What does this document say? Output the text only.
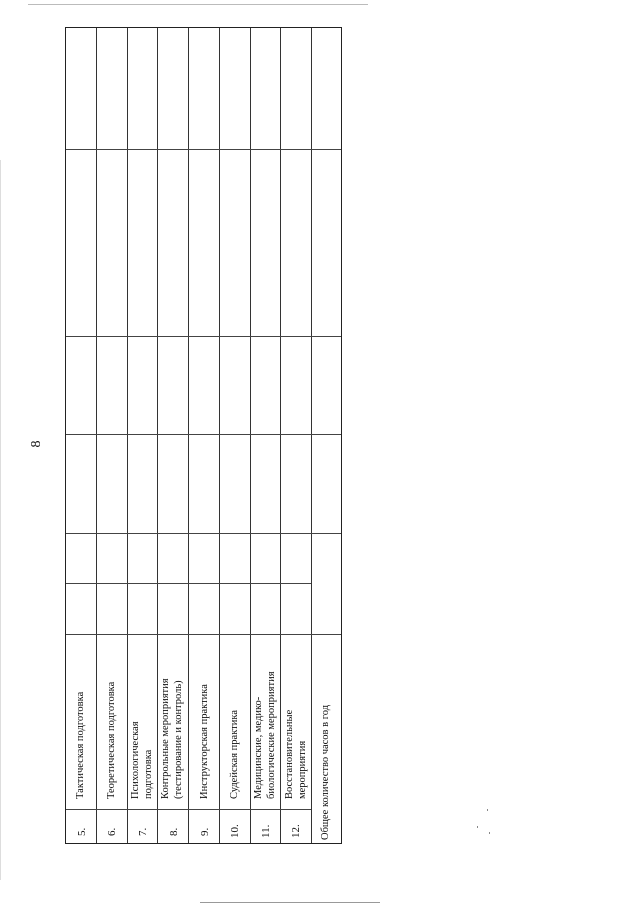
8
5.
Тактическая подготовка
6.
Теоретическая подготовка
7.
Психологическая подготовка
8.
Контрольные мероприятия (тестирование и контроль)
9.
Инструкторская практика
10.
Судейская практика
11.
Медицинские, медико- биологические мероприятия
12.
Восстановительные мероприятия Общее количество часов в год
